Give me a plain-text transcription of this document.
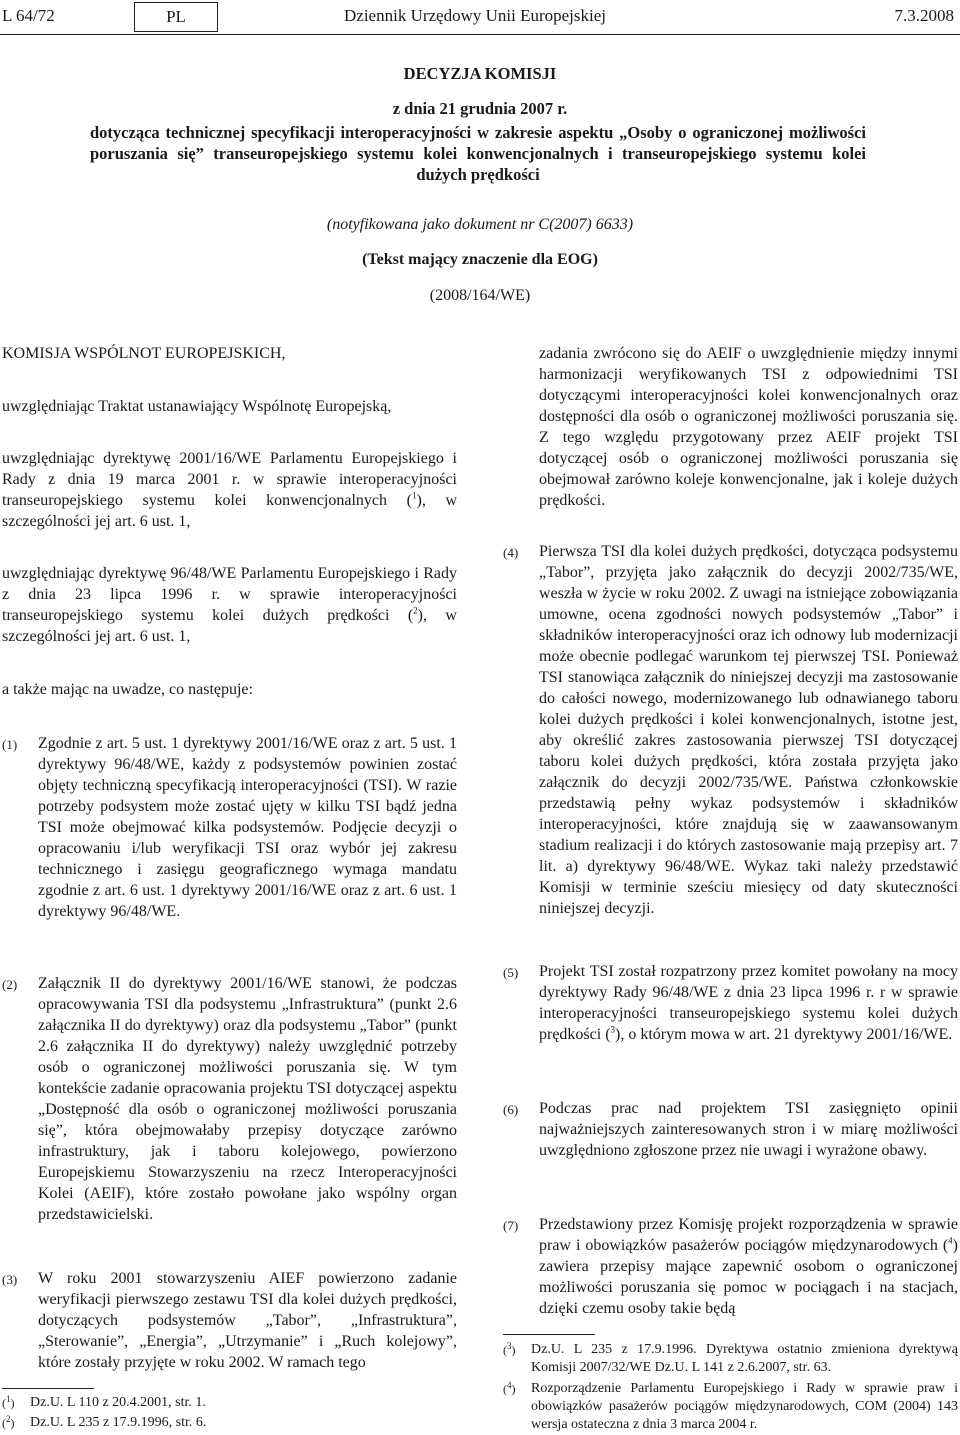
L 64/72	PL	Dziennik Urzędowy Unii Europejskiej	7.3.2008
DECYZJA KOMISJI
z dnia 21 grudnia 2007 r.
dotycząca technicznej specyfikacji interoperacyjności w zakresie aspektu „Osoby o ograniczonej możliwości poruszania się” transeuropejskiego systemu kolei konwencjonalnych i transeuropejskiego systemu kolei dużych prędkości
(notyfikowana jako dokument nr C(2007) 6633)
(Tekst mający znaczenie dla EOG)
(2008/164/WE)

KOMISJA WSPÓLNOT EUROPEJSKICH,

uwzględniając Traktat ustanawiający Wspólnotę Europejską,

uwzględniając dyrektywę 2001/16/WE Parlamentu Europejskiego i Rady z dnia 19 marca 2001 r. w sprawie interoperacyjności transeuropejskiego systemu kolei konwencjonalnych ($^1$), w szczególności jej art. 6 ust. 1,

uwzględniając dyrektywę 96/48/WE Parlamentu Europejskiego i Rady z dnia 23 lipca 1996 r. w sprawie interoperacyjności transeuropejskiego systemu kolei dużych prędkości ($^2$), w szczególności jej art. 6 ust. 1,

a także mając na uwadze, co następuje:

(1) Zgodnie z art. 5 ust. 1 dyrektywy 2001/16/WE oraz z art. 5 ust. 1 dyrektywy 96/48/WE, każdy z podsystemów powinien zostać objęty techniczną specyfikacją interoperacyjności (TSI). W razie potrzeby podsystem może zostać ujęty w kilku TSI bądź jedna TSI może obejmować kilka podsystemów. Podjęcie decyzji o opracowaniu i/lub weryfikacji TSI oraz wybór jej zakresu technicznego i zasięgu geograficznego wymaga mandatu zgodnie z art. 6 ust. 1 dyrektywy 2001/16/WE oraz z art. 6 ust. 1 dyrektywy 96/48/WE.

(2) Załącznik II do dyrektywy 2001/16/WE stanowi, że podczas opracowywania TSI dla podsystemu „Infrastruktura” (punkt 2.6 załącznika II do dyrektywy) oraz dla podsystemu „Tabor” (punkt 2.6 załącznika II do dyrektywy) należy uwzględnić potrzeby osób o ograniczonej możliwości poruszania się. W tym kontekście zadanie opracowania projektu TSI dotyczącej aspektu „Dostępność dla osób o ograniczonej możliwości poruszania się”, która obejmowałaby przepisy dotyczące zarówno infrastruktury, jak i taboru kolejowego, powierzono Europejskiemu Stowarzyszeniu na rzecz Interoperacyjności Kolei (AEIF), które zostało powołane jako wspólny organ przedstawicielski.

(3) W roku 2001 stowarzyszeniu AIEF powierzono zadanie weryfikacji pierwszego zestawu TSI dla kolei dużych prędkości, dotyczących podsystemów „Tabor”, „Infrastruktura”, „Sterowanie”, „Energia”, „Utrzymanie” i „Ruch kolejowy”, które zostały przyjęte w roku 2002. W ramach tego

($^1$) Dz.U. L 110 z 20.4.2001, str. 1.

($^2$) Dz.U. L 235 z 17.9.1996, str. 6.

zadania zwrócono się do AEIF o uwzględnienie między innymi harmonizacji weryfikowanych TSI z odpowiednimi TSI dotyczącymi interoperacyjności kolei konwencjonalnych oraz dostępności dla osób o ograniczonej możliwości poruszania się. Z tego względu przygotowany przez AEIF projekt TSI dotyczącej osób o ograniczonej możliwości poruszania się obejmował zarówno koleje konwencjonalne, jak i koleje dużych prędkości.

(4) Pierwsza TSI dla kolei dużych prędkości, dotycząca podsystemu „Tabor”, przyjęta jako załącznik do decyzji 2002/735/WE, weszła w życie w roku 2002. Z uwagi na istniejące zobowiązania umowne, ocena zgodności nowych podsystemów „Tabor” i składników interoperacyjności oraz ich odnowy lub modernizacji może obecnie podlegać warunkom tej pierwszej TSI. Ponieważ TSI stanowiąca załącznik do niniejszej decyzji ma zastosowanie do całości nowego, modernizowanego lub odnawianego taboru kolei dużych prędkości i kolei konwencjonalnych, istotne jest, aby określić zakres zastosowania pierwszej TSI dotyczącej taboru kolei dużych prędkości, która została przyjęta jako załącznik do decyzji 2002/735/WE. Państwa członkowskie przedstawią pełny wykaz podsystemów i składników interoperacyjności, które znajdują się w zaawansowanym stadium realizacji i do których zastosowanie mają przepisy art. 7 lit. a) dyrektywy 96/48/WE. Wykaz taki należy przedstawić Komisji w terminie sześciu miesięcy od daty skuteczności niniejszej decyzji.

(5) Projekt TSI został rozpatrzony przez komitet powołany na mocy dyrektywy Rady 96/48/WE z dnia 23 lipca 1996 r. r w sprawie interoperacyjności transeuropejskiego systemu kolei dużych prędkości ($^3$), o którym mowa w art. 21 dyrektywy 2001/16/WE.

(6) Podczas prac nad projektem TSI zasięgnięto opinii najważniejszych zainteresowanych stron i w miarę możliwości uwzględniono zgłoszone przez nie uwagi i wyrażone obawy.

(7) Przedstawiony przez Komisję projekt rozporządzenia w sprawie praw i obowiązków pasażerów pociągów międzynarodowych ($^4$) zawiera przepisy mające zapewnić osobom o ograniczonej możliwości poruszania się pomoc w pociągach i na stacjach, dzięki czemu osoby takie będą

($^3$) Dz.U. L 235 z 17.9.1996. Dyrektywa ostatnio zmieniona dyrektywą Komisji 2007/32/WE Dz.U. L 141 z 2.6.2007, str. 63.

($^4$) Rozporządzenie Parlamentu Europejskiego i Rady w sprawie praw i obowiązków pasażerów pociągów międzynarodowych, COM (2004) 143 wersja ostateczna z dnia 3 marca 2004 r.
